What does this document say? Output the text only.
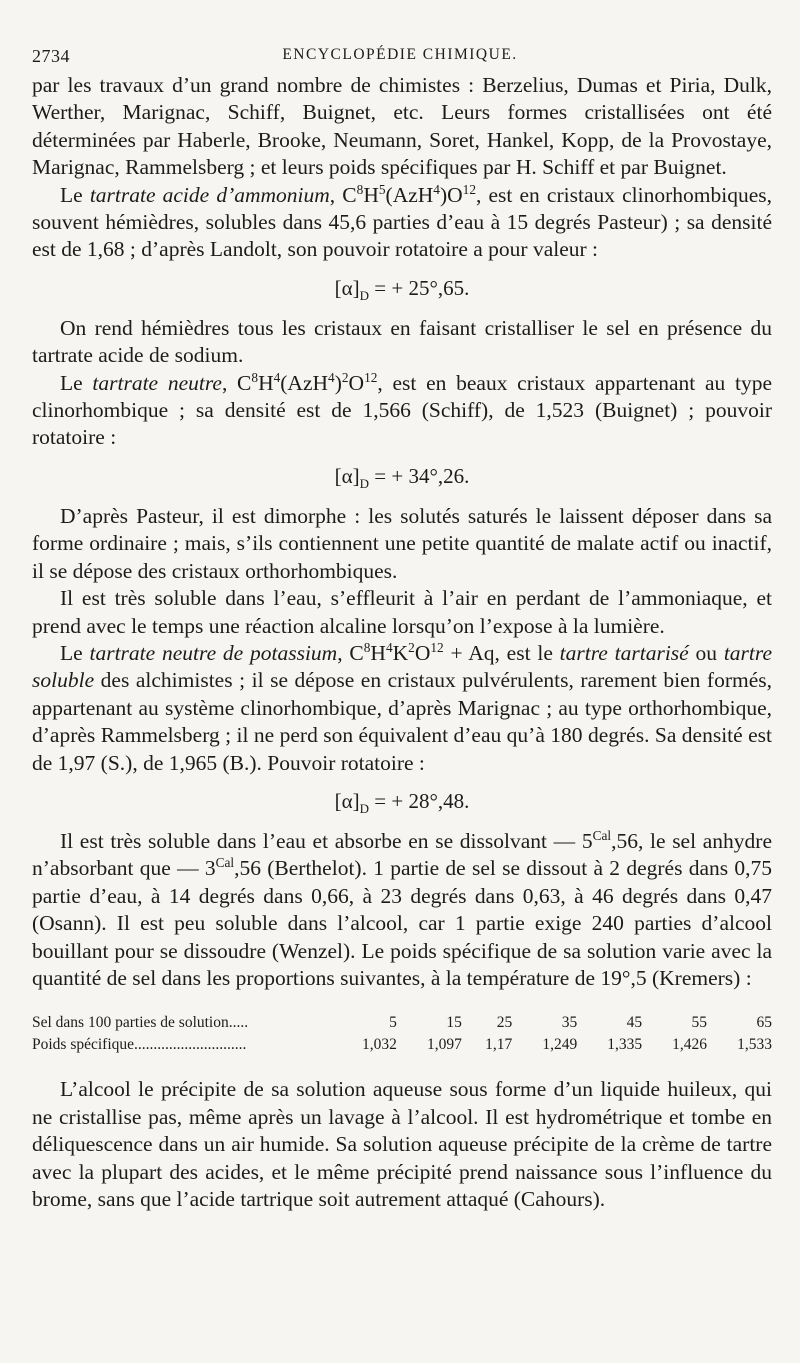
2734	ENCYCLOPÉDIE CHIMIQUE.

par les travaux d’un grand nombre de chimistes : Berzelius, Dumas et Piria, Dulk, Werther, Marignac, Schiff, Buignet, etc. Leurs formes cristallisées ont été déterminées par Haberle, Brooke, Neumann, Soret, Hankel, Kopp, de la Provostaye, Marignac, Rammelsberg ; et leurs poids spécifiques par H. Schiff et par Buignet.

Le tartrate acide d’ammonium, $C^8H^5(AzH^4)O^{12}$, est en cristaux clinorhombiques, souvent hémièdres, solubles dans 45,6 parties d’eau à 15 degrés Pasteur) ; sa densité est de 1,68 ; d’après Landolt, son pouvoir rotatoire a pour valeur :

$[\alpha]_D$ = + 25°,65.

On rend hémièdres tous les cristaux en faisant cristalliser le sel en présence du tartrate acide de sodium.

Le tartrate neutre, $C^8H^4(AzH^4)^2O^{12}$, est en beaux cristaux appartenant au type clinorhombique ; sa densité est de 1,566 (Schiff), de 1,523 (Buignet) ; pouvoir rotatoire :

$[\alpha]_D$ = + 34°,26.

D’après Pasteur, il est dimorphe : les solutés saturés le laissent déposer dans sa forme ordinaire ; mais, s’ils contiennent une petite quantité de malate actif ou inactif, il se dépose des cristaux orthorhombiques.

Il est très soluble dans l’eau, s’effleurit à l’air en perdant de l’ammoniaque, et prend avec le temps une réaction alcaline lorsqu’on l’expose à la lumière.

Le tartrate neutre de potassium, $C^8H^4K^2O^{12} + Aq$, est le tartre tartarisé ou tartre soluble des alchimistes ; il se dépose en cristaux pulvérulents, rarement bien formés, appartenant au système clinorhombique, d’après Marignac ; au type orthorhombique, d’après Rammelsberg ; il ne perd son équivalent d’eau qu’à 180 degrés. Sa densité est de 1,97 (S.), de 1,965 (B.). Pouvoir rotatoire :

$[\alpha]_D$ = + 28°,48.

Il est très soluble dans l’eau et absorbe en se dissolvant — $5^{Cal},56$, le sel anhydre n’absorbant que — $3^{Cal},56$ (Berthelot). 1 partie de sel se dissout à 2 degrés dans 0,75 partie d’eau, à 14 degrés dans 0,66, à 23 degrés dans 0,63, à 46 degrés dans 0,47 (Osann). Il est peu soluble dans l’alcool, car 1 partie exige 240 parties d’alcool bouillant pour se dissoudre (Wenzel). Le poids spécifique de sa solution varie avec la quantité de sel dans les proportions suivantes, à la température de 19°,5 (Kremers) :

Sel dans 100 parties de solution.....	5	15	25	35	45	55	65
Poids spécifique.............................	1,032	1,097	1,17	1,249	1,335	1,426	1,533

L’alcool le précipite de sa solution aqueuse sous forme d’un liquide huileux, qui ne cristallise pas, même après un lavage à l’alcool. Il est hydrométrique et tombe en déliquescence dans un air humide. Sa solution aqueuse précipite de la crème de tartre avec la plupart des acides, et le même précipité prend naissance sous l’influence du brome, sans que l’acide tartrique soit autrement attaqué (Cahours).
